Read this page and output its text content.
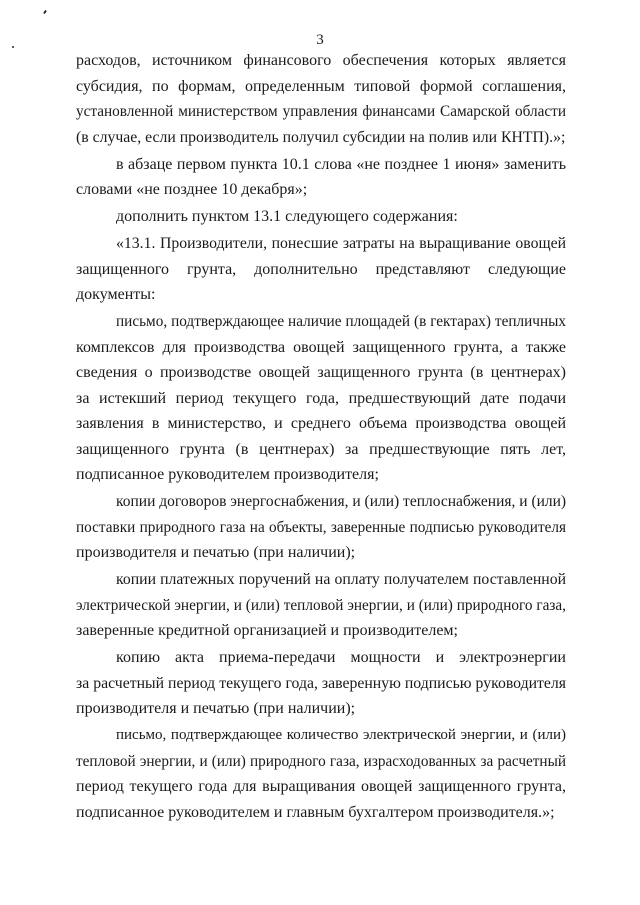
3
расходов, источником финансового обеспечения которых является
субсидия, по формам, определенным типовой формой соглашения,
установленной министерством управления финансами Самарской области
(в случае, если производитель получил субсидии на полив или КНТП).»;
в абзаце первом пункта 10.1 слова «не позднее 1 июня» заменить
словами «не позднее 10 декабря»;
дополнить пунктом 13.1 следующего содержания:
«13.1. Производители, понесшие затраты на выращивание овощей
защищенного грунта, дополнительно представляют следующие
документы:
письмо, подтверждающее наличие площадей (в гектарах) тепличных
комплексов для производства овощей защищенного грунта, а также
сведения о производстве овощей защищенного грунта (в центнерах)
за истекший период текущего года, предшествующий дате подачи
заявления в министерство, и среднего объема производства овощей
защищенного грунта (в центнерах) за предшествующие пять лет,
подписанное руководителем производителя;
копии договоров энергоснабжения, и (или) теплоснабжения, и (или)
поставки природного газа на объекты, заверенные подписью руководителя
производителя и печатью (при наличии);
копии платежных поручений на оплату получателем поставленной
электрической энергии, и (или) тепловой энергии, и (или) природного газа,
заверенные кредитной организацией и производителем;
копию акта приема-передачи мощности и электроэнергии
за расчетный период текущего года, заверенную подписью руководителя
производителя и печатью (при наличии);
письмо, подтверждающее количество электрической энергии, и (или)
тепловой энергии, и (или) природного газа, израсходованных за расчетный
период текущего года для выращивания овощей защищенного грунта,
подписанное руководителем и главным бухгалтером производителя.»;
